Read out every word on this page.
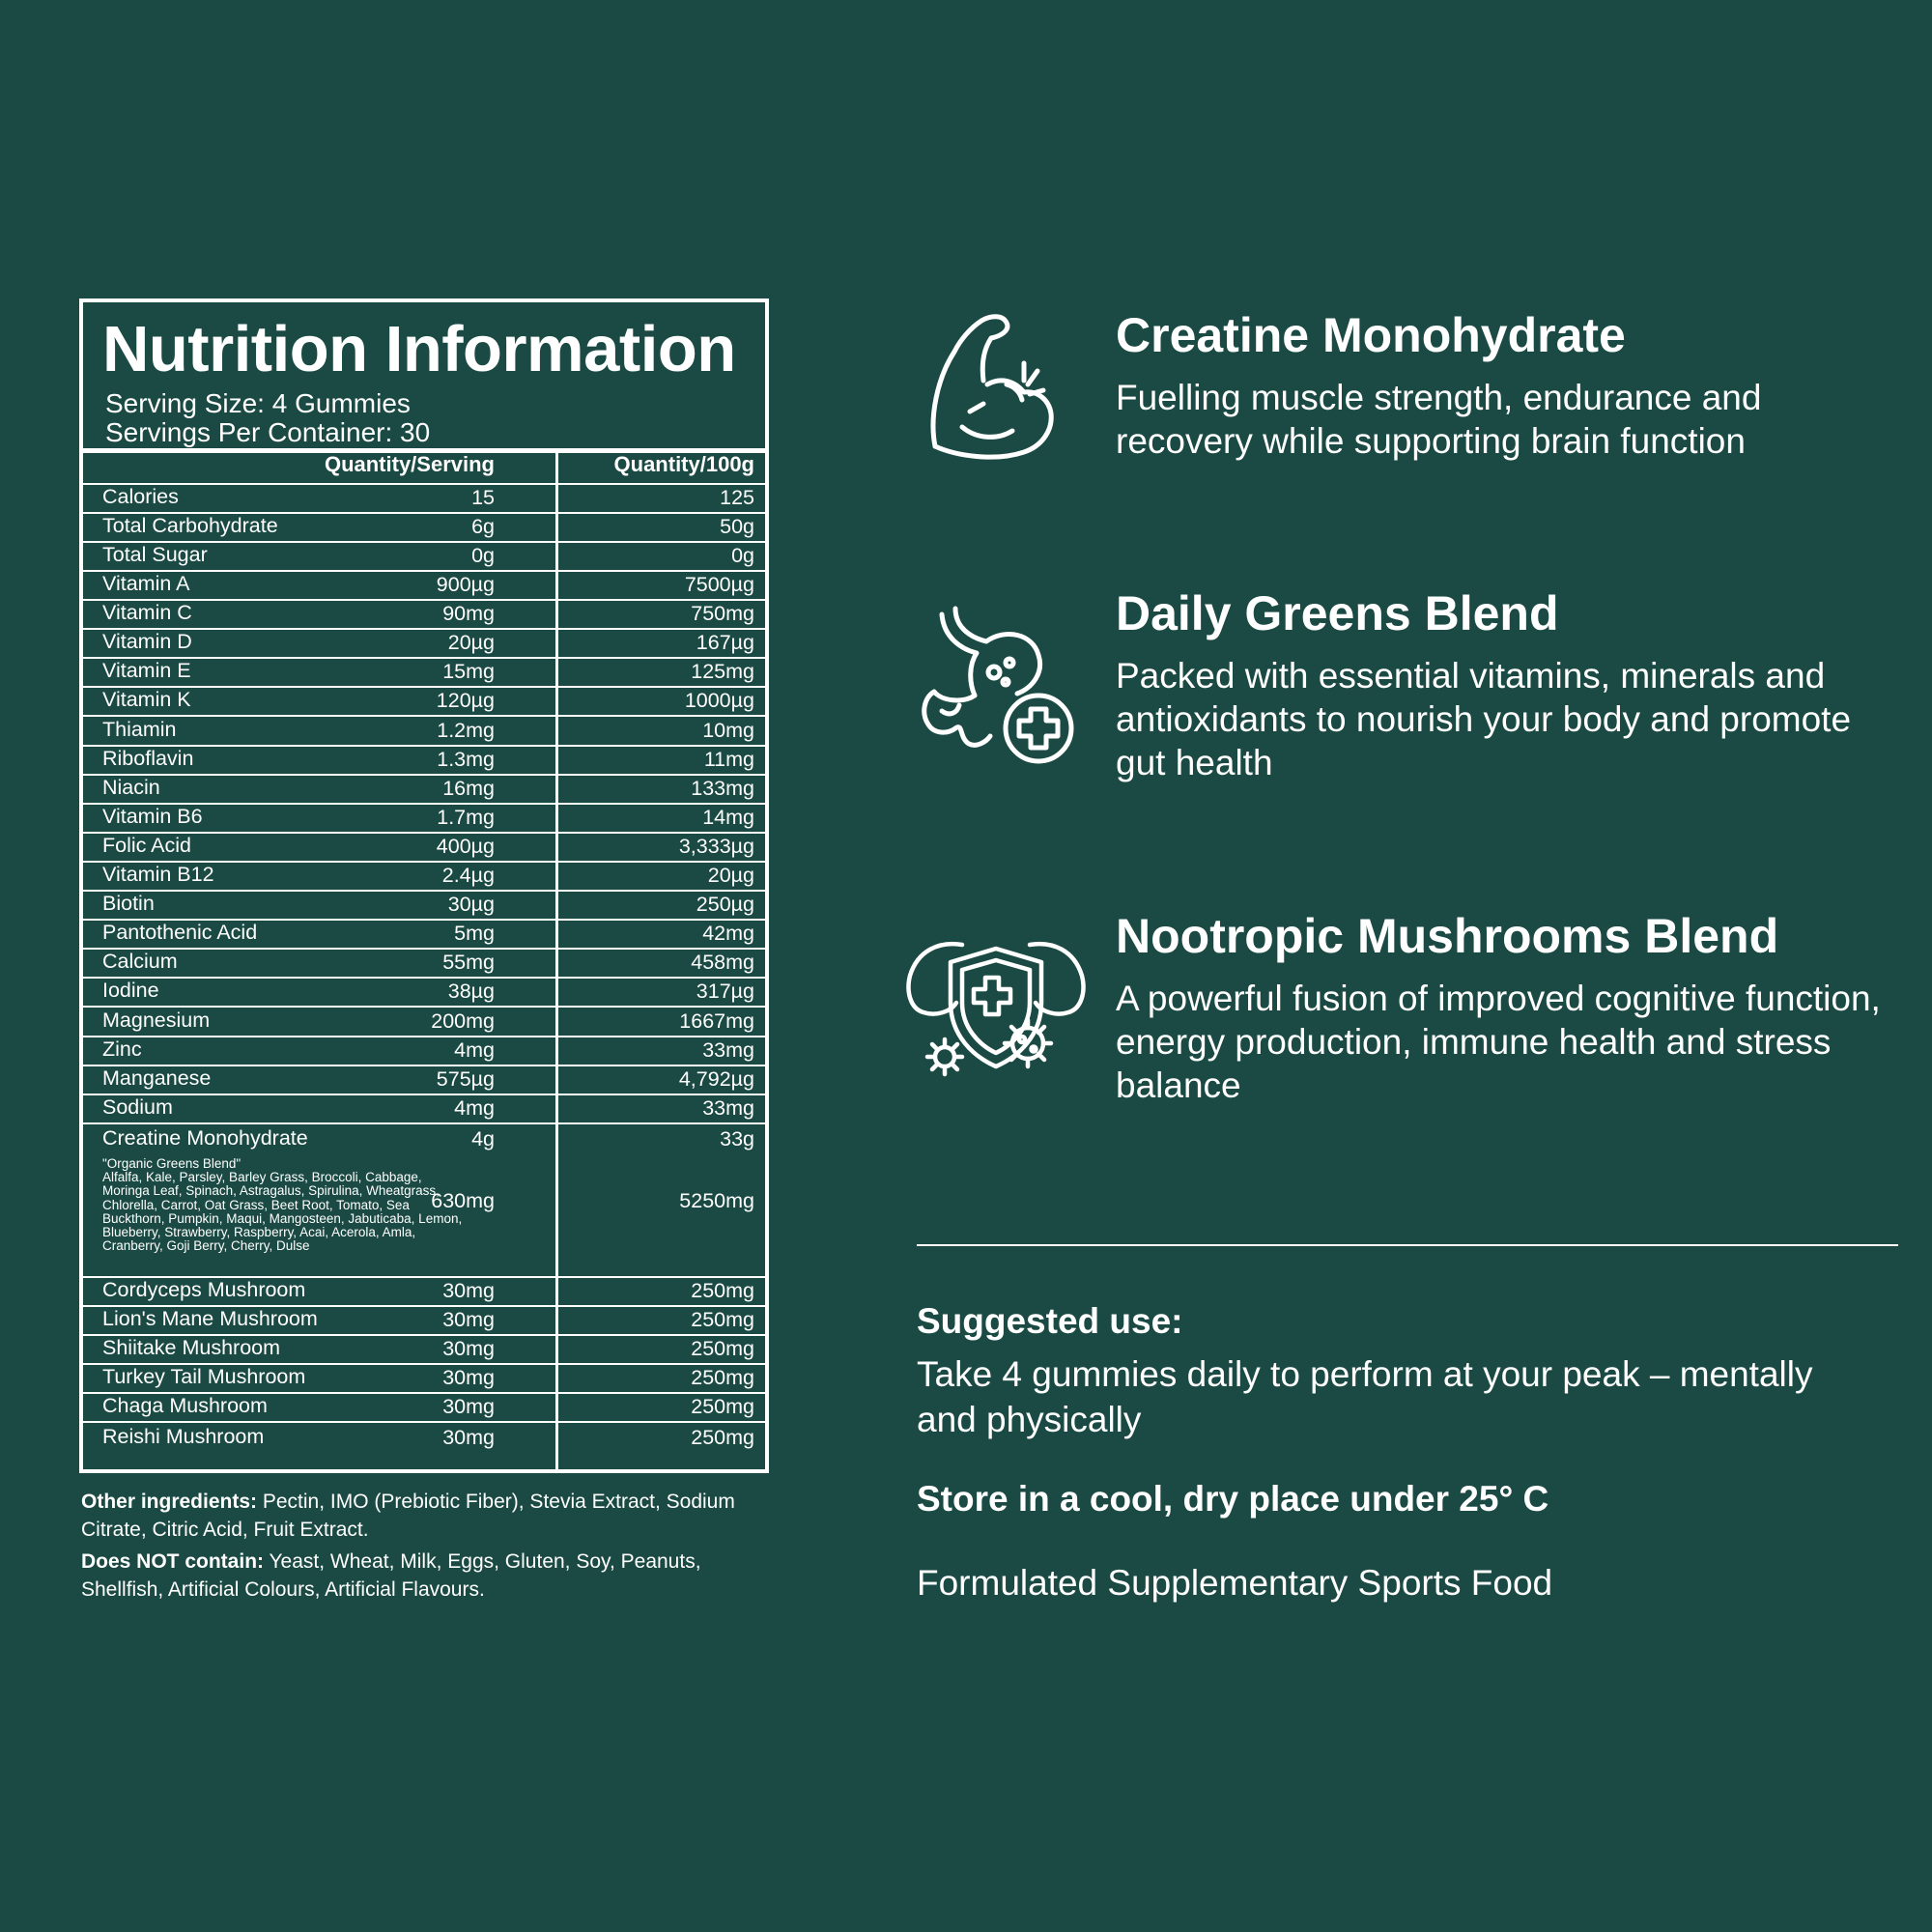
Nutrition Information
Serving Size: 4 Gummies
Servings Per Container: 30
Quantity/Serving	Quantity/100g
Calories	15	125
Total Carbohydrate	6g	50g
Total Sugar	0g	0g
Vitamin A	900µg	7500µg
Vitamin C	90mg	750mg
Vitamin D	20µg	167µg
Vitamin E	15mg	125mg
Vitamin K	120µg	1000µg
Thiamin	1.2mg	10mg
Riboflavin	1.3mg	11mg
Niacin	16mg	133mg
Vitamin B6	1.7mg	14mg
Folic Acid	400µg	3,333µg
Vitamin B12	2.4µg	20µg
Biotin	30µg	250µg
Pantothenic Acid	5mg	42mg
Calcium	55mg	458mg
Iodine	38µg	317µg
Magnesium	200mg	1667mg
Zinc	4mg	33mg
Manganese	575µg	4,792µg
Sodium	4mg	33mg
Creatine Monohydrate	4g	33g
"Organic Greens Blend"
Alfalfa, Kale, Parsley, Barley Grass, Broccoli, Cabbage, Moringa Leaf, Spinach, Astragalus, Spirulina, Wheatgrass, Chlorella, Carrot, Oat Grass, Beet Root, Tomato, Sea Buckthorn, Pumpkin, Maqui, Mangosteen, Jabuticaba, Lemon, Blueberry, Strawberry, Raspberry, Acai, Acerola, Amla, Cranberry, Goji Berry, Cherry, Dulse
630mg	5250mg
Cordyceps Mushroom	30mg	250mg
Lion's Mane Mushroom	30mg	250mg
Shiitake Mushroom	30mg	250mg
Turkey Tail Mushroom	30mg	250mg
Chaga Mushroom	30mg	250mg
Reishi Mushroom	30mg	250mg
Other ingredients: Pectin, IMO (Prebiotic Fiber), Stevia Extract, Sodium Citrate, Citric Acid, Fruit Extract.
Does NOT contain: Yeast, Wheat, Milk, Eggs, Gluten, Soy, Peanuts, Shellfish, Artificial Colours, Artificial Flavours.
Creatine Monohydrate
Fuelling muscle strength, endurance and recovery while supporting brain function
Daily Greens Blend
Packed with essential vitamins, minerals and antioxidants to nourish your body and promote gut health
Nootropic Mushrooms Blend
A powerful fusion of improved cognitive function, energy production, immune health and stress balance
Suggested use:
Take 4 gummies daily to perform at your peak – mentally and physically
Store in a cool, dry place under 25° C
Formulated Supplementary Sports Food
